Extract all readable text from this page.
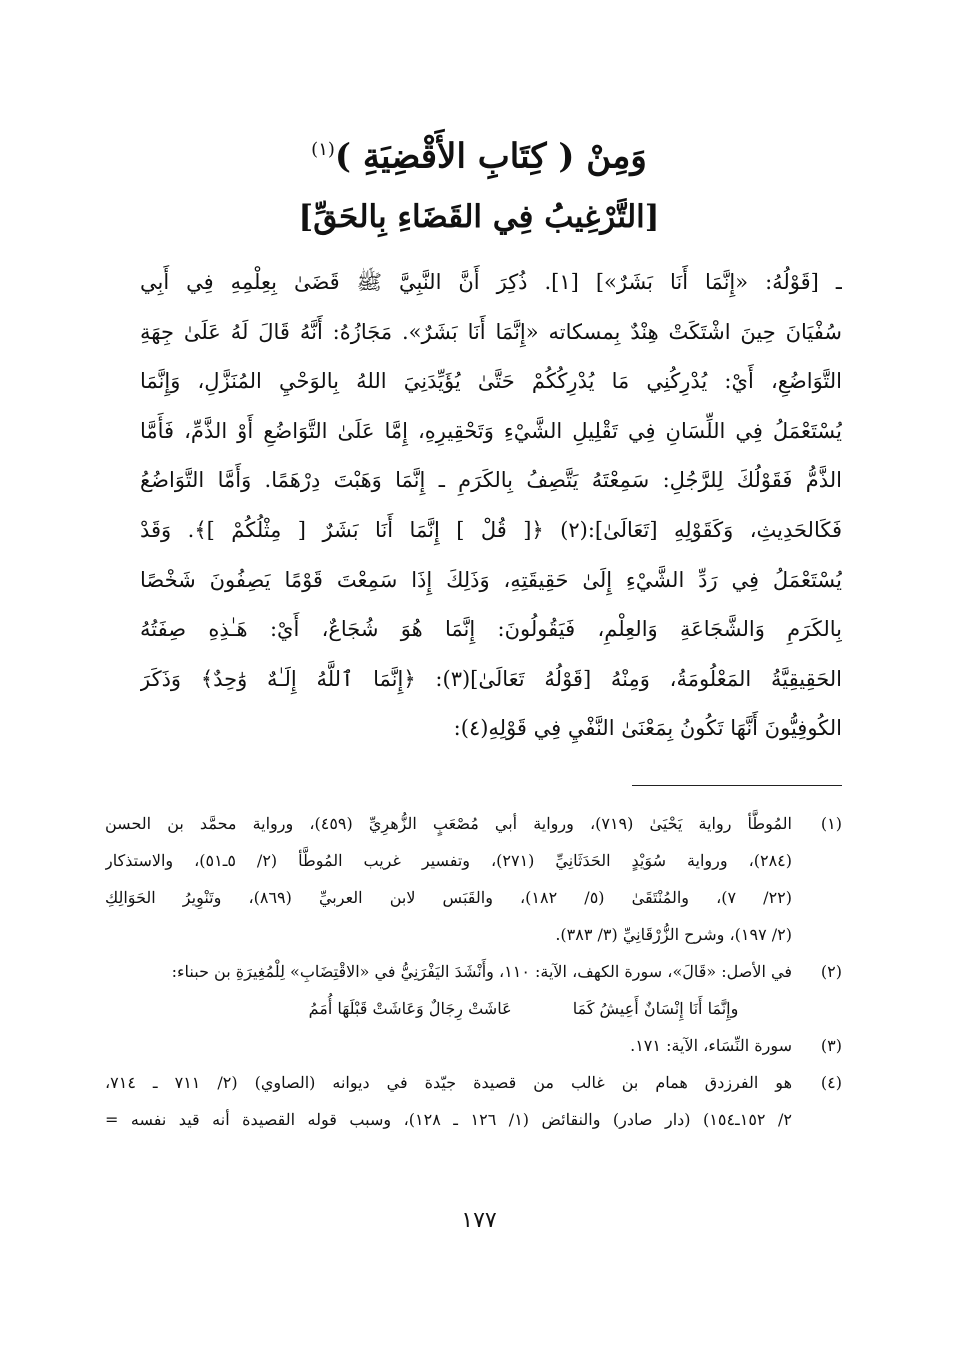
وَمِنْ ( كِتَابِ الأَقْضِيَةِ )$^{(١)}$
[التَّرْغِيبُ فِي القَضَاءِ بِالحَقِّ]
ـ [قَوْلُهُ: «إِنَّمَا أَنَا بَشَرٌ»] [١]. ذُكِرَ أَنَّ النَّبِيَّ ﷺ قَضَىٰ بِعِلْمِهِ فِي أَبِي
سُفْيَانَ حِينَ اشْتَكَتْ هِنْدٌ بِمسكاته «إِنَّمَا أَنَا بَشَرٌ». مَجَازُهُ: أَنَّهُ قَالَ لَهُ عَلَىٰ جِهَةِ
التَّوَاضُعِ، أَيْ: يُدْرِكُنِي مَا يُدْرِكُكُمْ حَتَّىٰ يُؤَيِّدَنِيَ اللهُ بِالوَحْيِ المُنَزَّلِ، وَإِنَّمَا
يُسْتَعْمَلُ فِي اللِّسَانِ فِي تَقْلِيلِ الشَّيْءِ وَتَحْقِيرِهِ، إِمَّا عَلَىٰ التَّوَاضُعِ أَوْ الذَّمِّ، فَأَمَّا
الذَّمُّ فَقَوْلُكَ لِلرَّجُلِ: سَمِعْتَهُ يَتَّصِفُ بِالكَرَمِ ـ إِنَّمَا وَهَبْتَ دِرْهَمًا. وَأَمَّا التَّوَاضُعُ
فَكَالحَدِيثِ، وَكَقَوْلِهِ [تَعَالَىٰ]:(٢) ﴿[ قُلْ ] إِنَّمَا أَنَا بَشَرٌ [ مِثْلُكُمْ ]﴾. وَقَدْ
يُسْتَعْمَلُ فِي رَدِّ الشَّيْءِ إِلَىٰ حَقِيقَتِهِ، وَذَلِكَ إِذَا سَمِعْتَ قَوْمًا يَصِفُونَ شَخْصًا
بِالكَرَمِ وَالشَّجَاعَةِ وَالعِلْمِ، فَيَقُولُونَ: إِنَّمَا هُوَ شُجَاعٌ، أَيْ: هَـٰذِهِ صِفَتُهُ
الحَقِيقِيَّةُ المَعْلُومَةُ، وَمِنْهُ [قَوْلُهُ تَعَالَىٰ](٣): ﴿إِنَّمَا ٱللَّهُ إِلَـٰهٌ وَٰحِدٌ﴾ وَذَكَرَ
الكُوفِيُّونَ أَنَّهَا تَكُونُ بِمَعْنَىٰ النَّفْيِ فِي قَوْلِهِ(٤):
(١)
المُوطَّأ رواية يَحْيَىٰ (٧١٩)، ورواية أبي مُصْعَبٍ الزُّهرِيِّ (٤٥٩)، ورواية محمَّد بن الحسن
(٢٨٤)، ورواية سُوَيْدٍ الحَدَثَانِيِّ (٢٧١)، وتفسير غريب المُوطَّأ (٢/ ٥ـ٥١)، والاستذكار
(٢٢/ ٧)، والمُنْتَقَىٰ (٥/ ١٨٢)، والقَبَس لابن العربيِّ (٨٦٩)، وتَنْوِيرُ الحَوَالِكِ
(٢/ ١٩٧)، وشرح الزُّرْقَانِيِّ (٣/ ٣٨٣).
(٢)
في الأصل: «قَالَ»، سورة الكهف، الآية: ١١٠، وأَنْشَدَ اليَفْرَنِيُّ في «الاقْتِضَابِ» لِلْمُغِيرَةِ بن حبناء:
وإِنَّمَا أَنَا إِنْسَانٌ أَعِيشُ كَمَا عَاشَتْ رِجَالٌ وَعَاشَتْ قَبْلَهَا أُمَمُ
(٣)
سورة النِّسَاء، الآية: ١٧١.
(٤)
هو الفرزدق همام بن غالب من قصيدة جيّدة في ديوانه (الصاوي) (٢/ ٧١١ ـ ٧١٤،
٢/ ١٥٢ـ١٥٤) (دار صادر) والنقائض (١/ ١٢٦ ـ ١٢٨)، وسبب قوله القصيدة أنه قيد نفسه =
١٧٧
